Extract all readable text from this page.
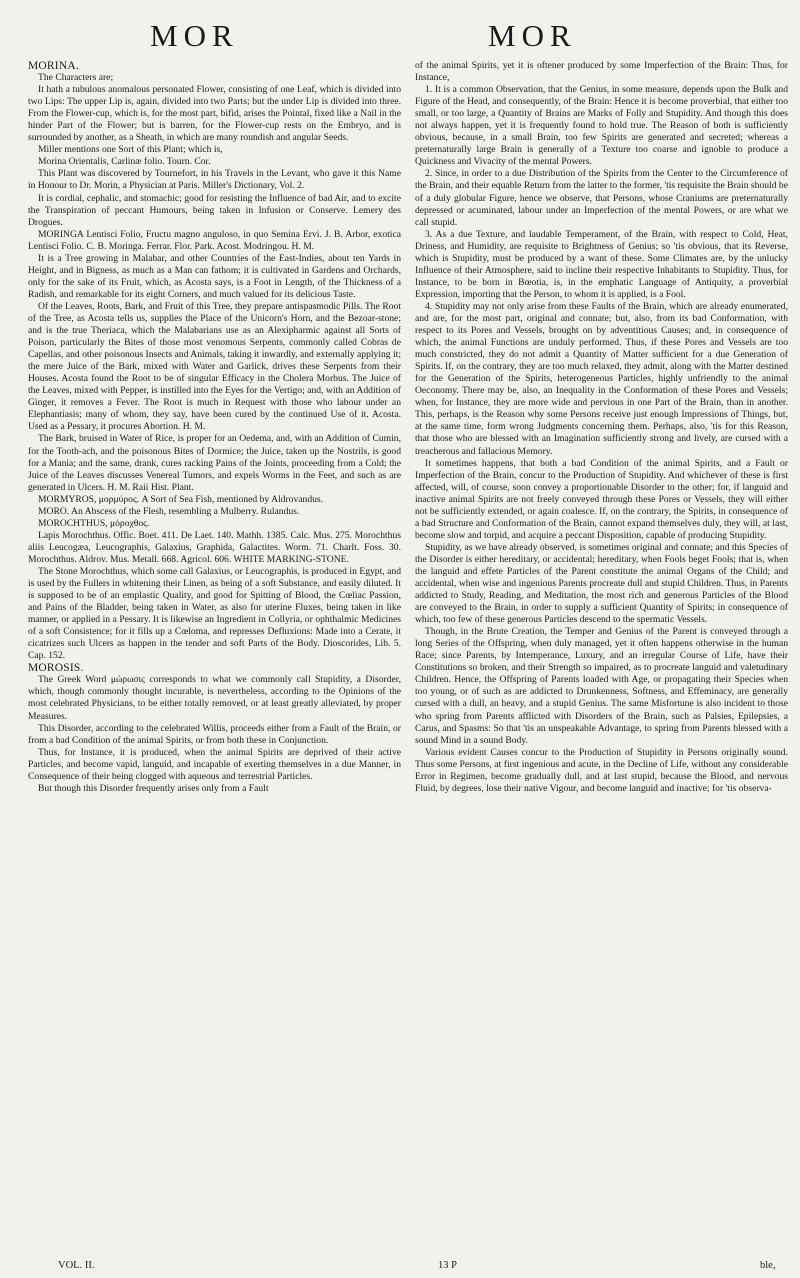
MOR	MOR

MORINA.

The Characters are;

It hath a tubulous anomalous personated Flower, consisting of one Leaf, which is divided into two Lips: The upper Lip is, again, divided into two Parts; but the under Lip is divided into three. From the Flower-cup, which is, for the most part, bifid, arises the Pointal, fixed like a Nail in the hinder Part of the Flower; but is barren, for the Flower-cup rests on the Embryo, and is surrounded by another, as a Sheath, in which are many roundish and angular Seeds.

Miller mentions one Sort of this Plant; which is,

Morina Orientalis, Carlinæ folio. Tourn. Cor.

This Plant was discovered by Tournefort, in his Travels in the Levant, who gave it this Name in Honour to Dr. Morin, a Physician at Paris. Miller's Dictionary, Vol. 2.

It is cordial, cephalic, and stomachic; good for resisting the Influence of bad Air, and to excite the Transpiration of peccant Humours, being taken in Infusion or Conserve. Lemery des Drogues.

MORINGA Lentisci Folio, Fructu magno anguloso, in quo Semina Ervi. J. B. Arbor, exotica Lentisci Folio. C. B. Moringa. Ferrar. Flor. Park. Acost. Modringou. H. M.

It is a Tree growing in Malabar, and other Countries of the East-Indies, about ten Yards in Height, and in Bigness, as much as a Man can fathom; it is cultivated in Gardens and Orchards, only for the sake of its Fruit, which, as Acosta says, is a Foot in Length, of the Thickness of a Radish, and remarkable for its eight Corners, and much valued for its delicious Taste.

Of the Leaves, Roots, Bark, and Fruit of this Tree, they prepare antispasmodic Pills. The Root of the Tree, as Acosta tells us, supplies the Place of the Unicorn's Horn, and the Bezoar-stone; and is the true Theriaca, which the Malabarians use as an Alexipharmic against all Sorts of Poison, particularly the Bites of those most venomous Serpents, commonly called Cobras de Capellas, and other poisonous Insects and Animals, taking it inwardly, and externally applying it; the mere Juice of the Bark, mixed with Water and Garlick, drives these Serpents from their Houses. Acosta found the Root to be of singular Efficacy in the Cholera Morbus. The Juice of the Leaves, mixed with Pepper, is instilled into the Eyes for the Vertigo; and, with an Addition of Ginger, it removes a Fever. The Root is much in Request with those who labour under an Elephantiasis; many of whom, they say, have been cured by the continued Use of it. Acosta. Used as a Pessary, it procures Abortion. H. M.

The Bark, bruised in Water of Rice, is proper for an Oedema, and, with an Addition of Cumin, for the Tooth-ach, and the poisonous Bites of Dormice; the Juice, taken up the Nostrils, is good for a Mania; and the same, drank, cures racking Pains of the Joints, proceeding from a Cold; the Juice of the Leaves discusses Venereal Tumors, and expels Worms in the Feet, and such as are generated in Ulcers. H. M. Raii Hist. Plant.

MORMYROS, μορμύρος. A Sort of Sea Fish, mentioned by Aldrovandus.

MORO. An Abscess of the Flesh, resembling a Mulberry. Rulandus.

MOROCHTHUS, μόροχθος.

Lapis Morochthus. Offic. Boet. 411. De Laet. 140. Mathh. 1385. Calc. Mus. 275. Morochthus aliis Leucogæa, Leucographis, Galaxius, Graphida, Galactites. Worm. 71. Charlt. Foss. 30. Morochthus. Aldrov. Mus. Metall. 668. Agricol. 606. WHITE MARKING-STONE.

The Stone Morochthus, which some call Galaxius, or Leucographis, is produced in Egypt, and is used by the Fullers in whitening their Linen, as being of a soft Substance, and easily diluted. It is supposed to be of an emplastic Quality, and good for Spitting of Blood, the Cœliac Passion, and Pains of the Bladder, being taken in Water, as also for uterine Fluxes, being taken in like manner, or applied in a Pessary. It is likewise an Ingredient in Collyria, or ophthalmic Medicines of a soft Consistence; for it fills up a Cœloma, and represses Defluxions: Made into a Cerate, it cicatrizes such Ulcers as happen in the tender and soft Parts of the Body. Dioscorides, Lib. 5. Cap. 152.

MOROSIS.

The Greek Word μώρωσις corresponds to what we commonly call Stupidity, a Disorder, which, though commonly thought incurable, is nevertheless, according to the Opinions of the most celebrated Physicians, to be either totally removed, or at least greatly alleviated, by proper Measures.

This Disorder, according to the celebrated Willis, proceeds either from a Fault of the Brain, or from a bad Condition of the animal Spirits, or from both these in Conjunction.

Thus, for Instance, it is produced, when the animal Spirits are deprived of their active Particles, and become vapid, languid, and incapable of exerting themselves in a due Manner, in Consequence of their being clogged with aqueous and terrestrial Particles.

But though this Disorder frequently arises only from a Fault

of the animal Spirits, yet it is oftener produced by some Imperfection of the Brain: Thus, for Instance,

1. It is a common Observation, that the Genius, in some measure, depends upon the Bulk and Figure of the Head, and consequently, of the Brain: Hence it is become proverbial, that either too small, or too large, a Quantity of Brains are Marks of Folly and Stupidity. And though this does not always happen, yet it is frequently found to hold true. The Reason of both is sufficiently obvious, because, in a small Brain, too few Spirits are generated and secreted; whereas a preternaturally large Brain is generally of a Texture too coarse and ignoble to produce a Quickness and Vivacity of the mental Powers.

2. Since, in order to a due Distribution of the Spirits from the Center to the Circumference of the Brain, and their equable Return from the latter to the former, 'tis requisite the Brain should be of a duly globular Figure, hence we observe, that Persons, whose Craniums are preternaturally depressed or acuminated, labour under an Imperfection of the mental Powers, or are what we call stupid.

3. As a due Texture, and laudable Temperament, of the Brain, with respect to Cold, Heat, Driness, and Humidity, are requisite to Brightness of Genius; so 'tis obvious, that its Reverse, which is Stupidity, must be produced by a want of these. Some Climates are, by the unlucky Influence of their Atmosphere, said to incline their respective Inhabitants to Stupidity. Thus, for Instance, to be born in Bœotia, is, in the emphatic Language of Antiquity, a proverbial Expression, importing that the Person, to whom it is applied, is a Fool.

4. Stupidity may not only arise from these Faults of the Brain, which are already enumerated, and are, for the most part, original and connate; but, also, from its bad Conformation, with respect to its Pores and Vessels, brought on by adventitious Causes; and, in consequence of which, the animal Functions are unduly performed. Thus, if these Pores and Vessels are too much constricted, they do not admit a Quantity of Matter sufficient for a due Generation of Spirits. If, on the contrary, they are too much relaxed, they admit, along with the Matter destined for the Generation of the Spirits, heterogeneous Particles, highly unfriendly to the animal Oeconomy. There may be, also, an Inequality in the Conformation of these Pores and Vessels; when, for Instance, they are more wide and pervious in one Part of the Brain, than in another. This, perhaps, is the Reason why some Persons receive just enough Impressions of Things, but, at the same time, form wrong Judgments concerning them. Perhaps, also, 'tis for this Reason, that those who are blessed with an Imagination sufficiently strong and lively, are cursed with a treacherous and fallacious Memory.

It sometimes happens, that both a bad Condition of the animal Spirits, and a Fault or Imperfection of the Brain, concur to the Production of Stupidity. And whichever of these is first affected, will, of course, soon convey a proportionable Disorder to the other; for, if languid and inactive animal Spirits are not freely conveyed through these Pores or Vessels, they will either not be sufficiently extended, or again coalesce. If, on the contrary, the Spirits, in consequence of a bad Structure and Conformation of the Brain, cannot expand themselves duly, they will, at last, become slow and torpid, and acquire a peccant Disposition, capable of producing Stupidity.

Stupidity, as we have already observed, is sometimes original and connate; and this Species of the Disorder is either hereditary, or accidental; hereditary, when Fools beget Fools; that is, when the languid and effete Particles of the Parent constitute the animal Organs of the Child; and accidental, when wise and ingenious Parents procreate dull and stupid Children. Thus, in Parents addicted to Study, Reading, and Meditation, the most rich and generous Particles of the Blood are conveyed to the Brain, in order to supply a sufficient Quantity of Spirits; in consequence of which, too few of these generous Particles descend to the spermatic Vessels.

Though, in the Brute Creation, the Temper and Genius of the Parent is conveyed through a long Series of the Offspring, when duly managed, yet it often happens otherwise in the human Race; since Parents, by Intemperance, Luxury, and an irregular Course of Life, have their Constitutions so broken, and their Strength so impaired, as to procreate languid and valetudinary Children. Hence, the Offspring of Parents loaded with Age, or propagating their Species when too young, or of such as are addicted to Drunkenness, Softness, and Effeminacy, are generally cursed with a dull, an heavy, and a stupid Genius. The same Misfortune is also incident to those who spring from Parents afflicted with Disorders of the Brain, such as Palsies, Epilepsies, a Carus, and Spasms: So that 'tis an unspeakable Advantage, to spring from Parents blessed with a sound Mind in a sound Body.

Various evident Causes concur to the Production of Stupidity in Persons originally sound. Thus some Persons, at first ingenious and acute, in the Decline of Life, without any considerable Error in Regimen, become gradually dull, and at last stupid, because the Blood, and nervous Fluid, by degrees, lose their native Vigour, and become languid and inactive; for 'tis observa-

VOL. II.	13 P	ble,
